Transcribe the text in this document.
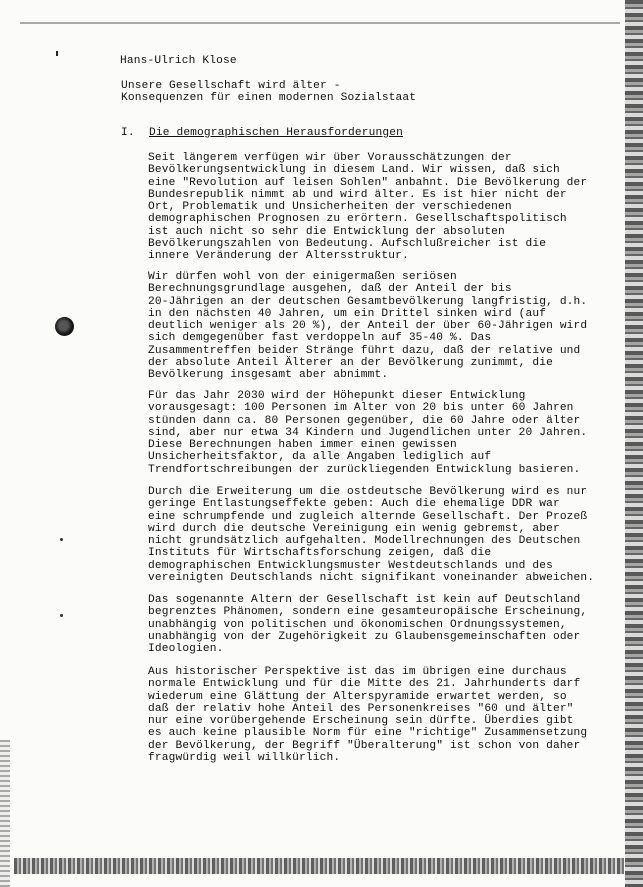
Hans-Ulrich Klose
Unsere Gesellschaft wird älter -
Konsequenzen für einen modernen Sozialstaat
I. Die demographischen Herausforderungen
Seit längerem verfügen wir über Vorausschätzungen der
Bevölkerungsentwicklung in diesem Land. Wir wissen, daß sich
eine "Revolution auf leisen Sohlen" anbahnt. Die Bevölkerung der
Bundesrepublik nimmt ab und wird älter. Es ist hier nicht der
Ort, Problematik und Unsicherheiten der verschiedenen
demographischen Prognosen zu erörtern. Gesellschaftspolitisch
ist auch nicht so sehr die Entwicklung der absoluten
Bevölkerungszahlen von Bedeutung. Aufschlußreicher ist die
innere Veränderung der Altersstruktur.
Wir dürfen wohl von der einigermaßen seriösen
Berechnungsgrundlage ausgehen, daß der Anteil der bis
20-Jährigen an der deutschen Gesamtbevölkerung langfristig, d.h.
in den nächsten 40 Jahren, um ein Drittel sinken wird (auf
deutlich weniger als 20 %), der Anteil der über 60-Jährigen wird
sich demgegenüber fast verdoppeln auf 35-40 %. Das
Zusammentreffen beider Stränge führt dazu, daß der relative und
der absolute Anteil Älterer an der Bevölkerung zunimmt, die
Bevölkerung insgesamt aber abnimmt.
Für das Jahr 2030 wird der Höhepunkt dieser Entwicklung
vorausgesagt: 100 Personen im Alter von 20 bis unter 60 Jahren
stünden dann ca. 80 Personen gegenüber, die 60 Jahre oder älter
sind, aber nur etwa 34 Kindern und Jugendlichen unter 20 Jahren.
Diese Berechnungen haben immer einen gewissen
Unsicherheitsfaktor, da alle Angaben lediglich auf
Trendfortschreibungen der zurückliegenden Entwicklung basieren.
Durch die Erweiterung um die ostdeutsche Bevölkerung wird es nur
geringe Entlastungseffekte geben: Auch die ehemalige DDR war
eine schrumpfende und zugleich alternde Gesellschaft. Der Prozeß
wird durch die deutsche Vereinigung ein wenig gebremst, aber
nicht grundsätzlich aufgehalten. Modellrechnungen des Deutschen
Instituts für Wirtschaftsforschung zeigen, daß die
demographischen Entwicklungsmuster Westdeutschlands und des
vereinigten Deutschlands nicht signifikant voneinander abweichen.
Das sogenannte Altern der Gesellschaft ist kein auf Deutschland
begrenztes Phänomen, sondern eine gesamteuropäische Erscheinung,
unabhängig von politischen und ökonomischen Ordnungssystemen,
unabhängig von der Zugehörigkeit zu Glaubensgemeinschaften oder
Ideologien.
Aus historischer Perspektive ist das im übrigen eine durchaus
normale Entwicklung und für die Mitte des 21. Jahrhunderts darf
wiederum eine Glättung der Alterspyramide erwartet werden, so
daß der relativ hohe Anteil des Personenkreises "60 und älter"
nur eine vorübergehende Erscheinung sein dürfte. Überdies gibt
es auch keine plausible Norm für eine "richtige" Zusammensetzung
der Bevölkerung, der Begriff "Überalterung" ist schon von daher
fragwürdig weil willkürlich.
